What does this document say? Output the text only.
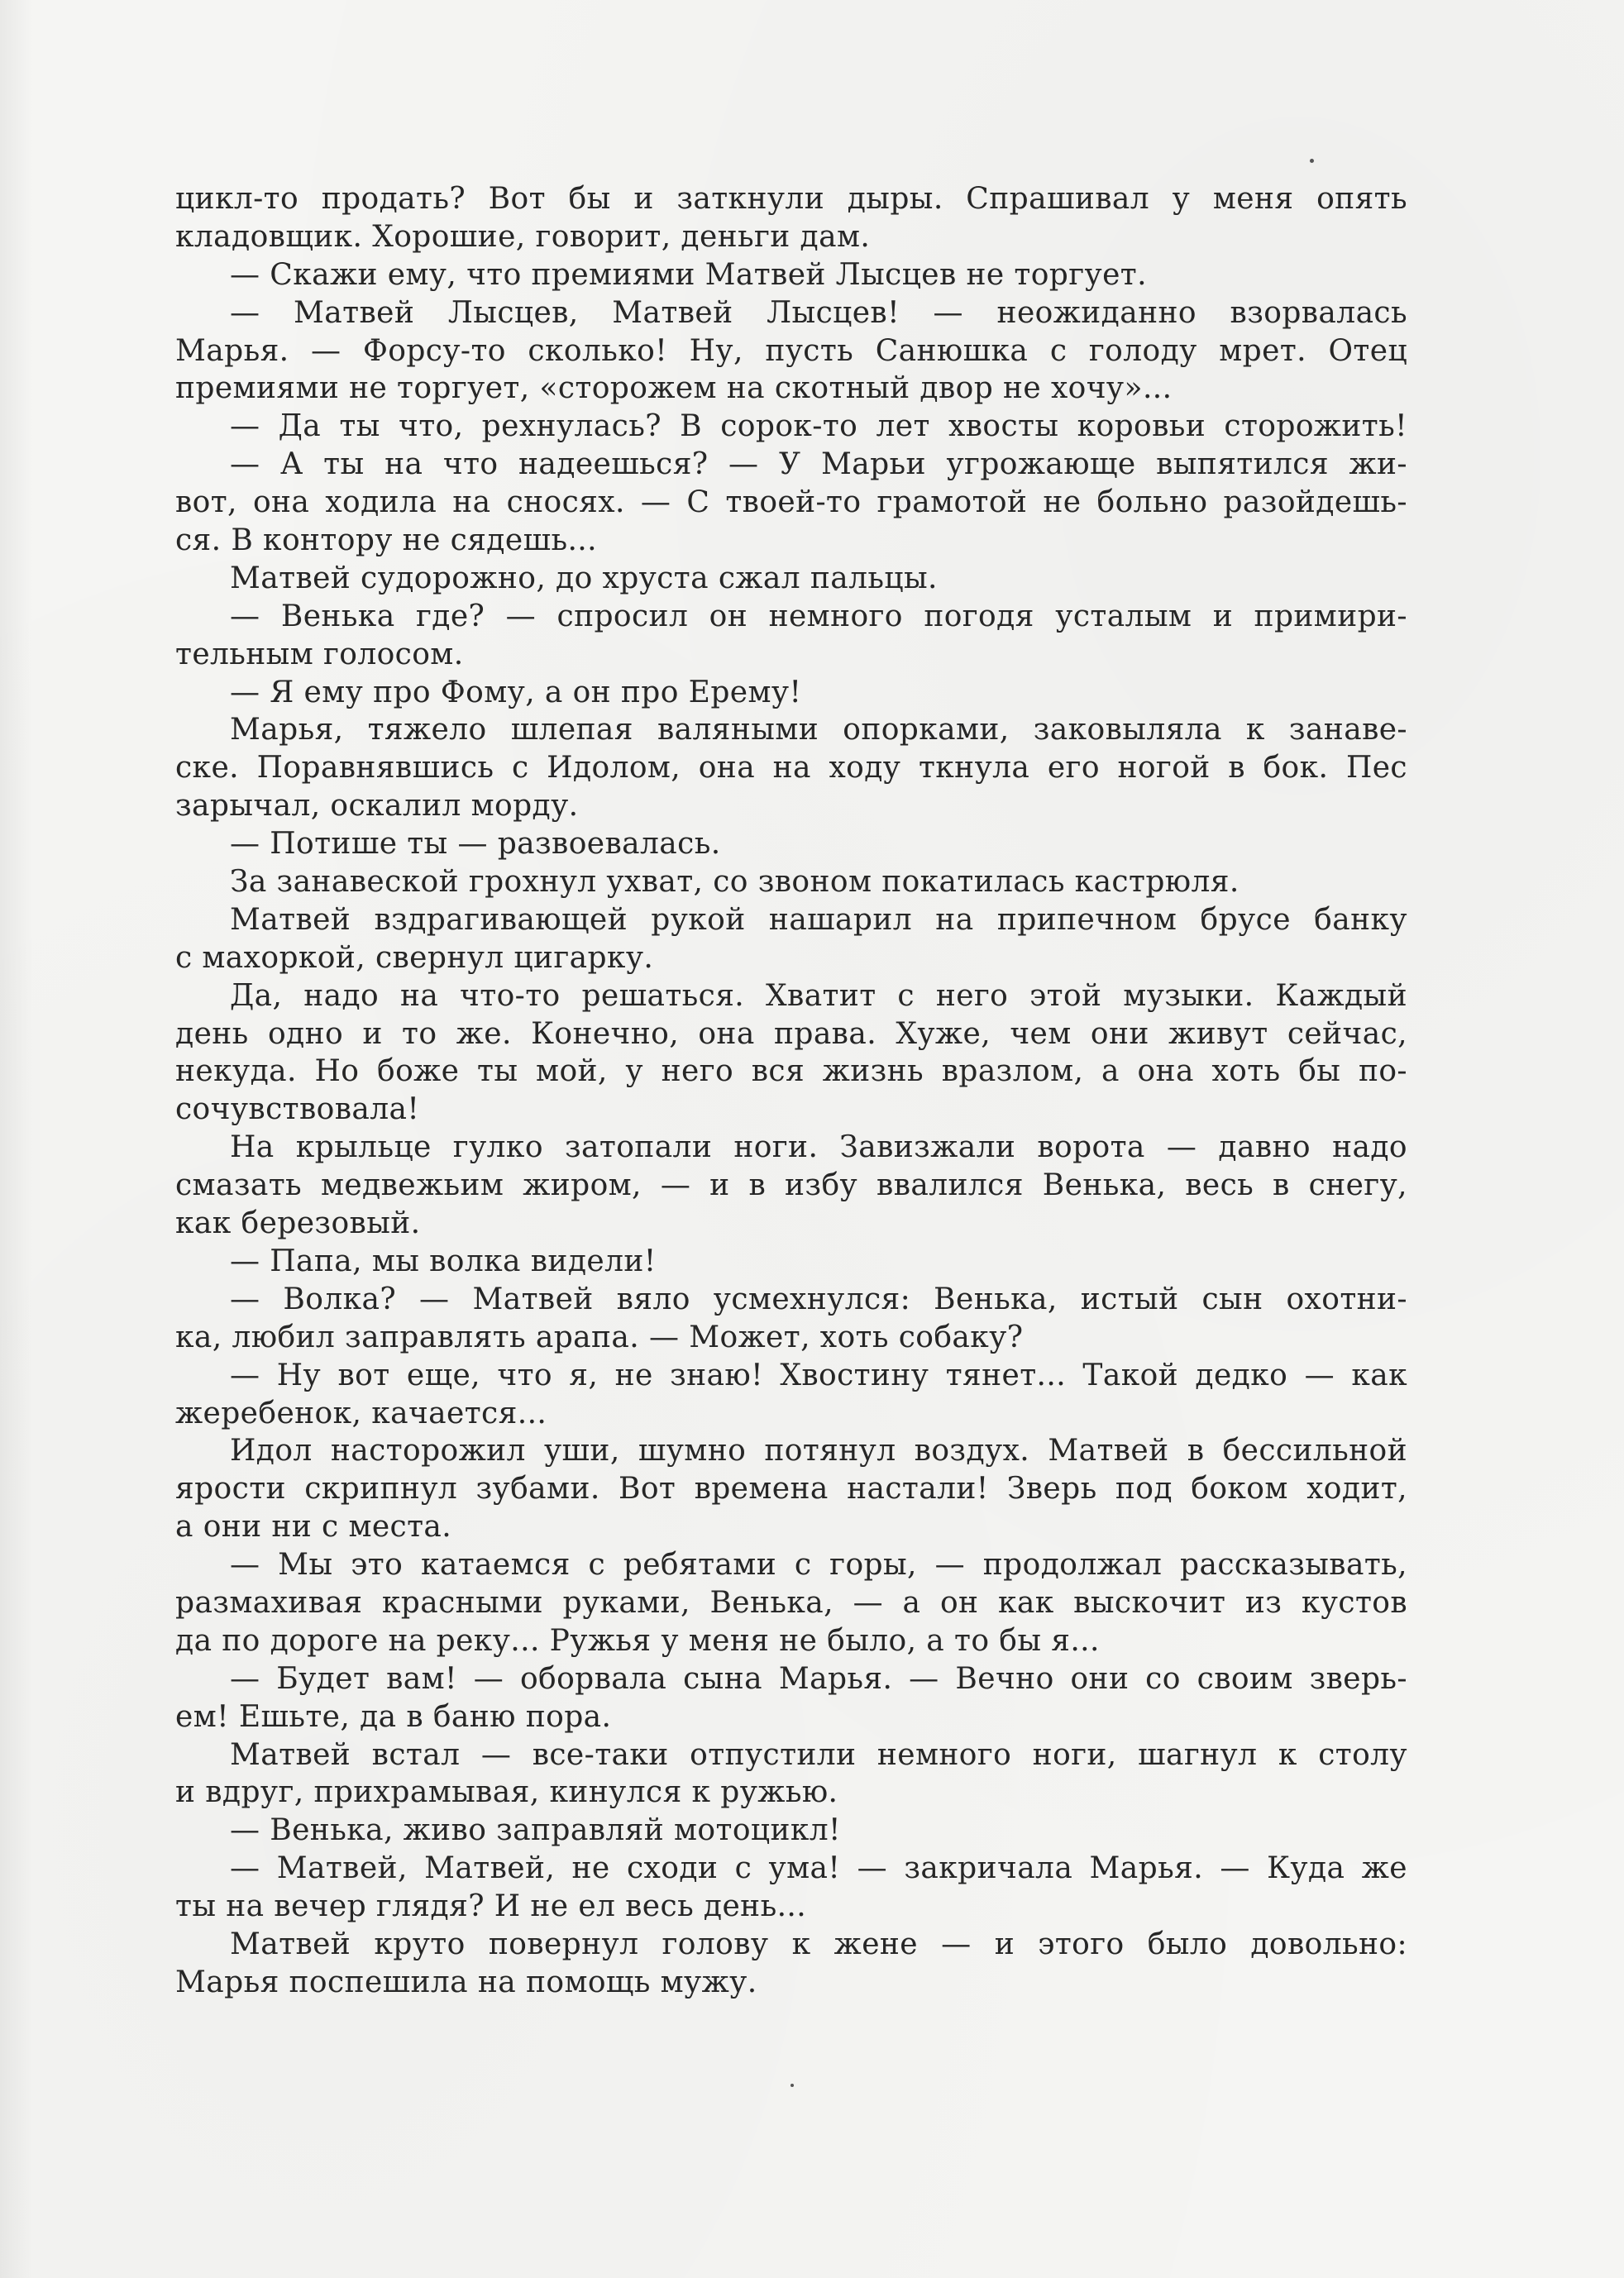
цикл-то продать? Вот бы и заткнули дыры. Спрашивал у меня опять
кладовщик. Хорошие, говорит, деньги дам.
— Скажи ему, что премиями Матвей Лысцев не торгует.
— Матвей Лысцев, Матвей Лысцев! — неожиданно взорвалась
Марья. — Форсу-то сколько! Ну, пусть Санюшка с голоду мрет. Отец
премиями не торгует, «сторожем на скотный двор не хочу»...
— Да ты что, рехнулась? В сорок-то лет хвосты коровьи сторожить!
— А ты на что надеешься? — У Марьи угрожающе выпятился жи-
вот, она ходила на сносях. — С твоей-то грамотой не больно разойдешь-
ся. В контору не сядешь...
Матвей судорожно, до хруста сжал пальцы.
— Венька где? — спросил он немного погодя усталым и примири-
тельным голосом.
— Я ему про Фому, а он про Ерему!
Марья, тяжело шлепая валяными опорками, заковыляла к занаве-
ске. Поравнявшись с Идолом, она на ходу ткнула его ногой в бок. Пес
зарычал, оскалил морду.
— Потише ты — развоевалась.
За занавеской грохнул ухват, со звоном покатилась кастрюля.
Матвей вздрагивающей рукой нашарил на припечном брусе банку
с махоркой, свернул цигарку.
Да, надо на что-то решаться. Хватит с него этой музыки. Каждый
день одно и то же. Конечно, она права. Хуже, чем они живут сейчас,
некуда. Но боже ты мой, у него вся жизнь вразлом, а она хоть бы по-
сочувствовала!
На крыльце гулко затопали ноги. Завизжали ворота — давно надо
смазать медвежьим жиром, — и в избу ввалился Венька, весь в снегу,
как березовый.
— Папа, мы волка видели!
— Волка? — Матвей вяло усмехнулся: Венька, истый сын охотни-
ка, любил заправлять арапа. — Может, хоть собаку?
— Ну вот еще, что я, не знаю! Хвостину тянет... Такой дедко — как
жеребенок, качается...
Идол насторожил уши, шумно потянул воздух. Матвей в бессильной
ярости скрипнул зубами. Вот времена настали! Зверь под боком ходит,
а они ни с места.
— Мы это катаемся с ребятами с горы, — продолжал рассказывать,
размахивая красными руками, Венька, — а он как выскочит из кустов
да по дороге на реку... Ружья у меня не было, а то бы я...
— Будет вам! — оборвала сына Марья. — Вечно они со своим зверь-
ем! Ешьте, да в баню пора.
Матвей встал — все-таки отпустили немного ноги, шагнул к столу
и вдруг, прихрамывая, кинулся к ружью.
— Венька, живо заправляй мотоцикл!
— Матвей, Матвей, не сходи с ума! — закричала Марья. — Куда же
ты на вечер глядя? И не ел весь день...
Матвей круто повернул голову к жене — и этого было довольно:
Марья поспешила на помощь мужу.
